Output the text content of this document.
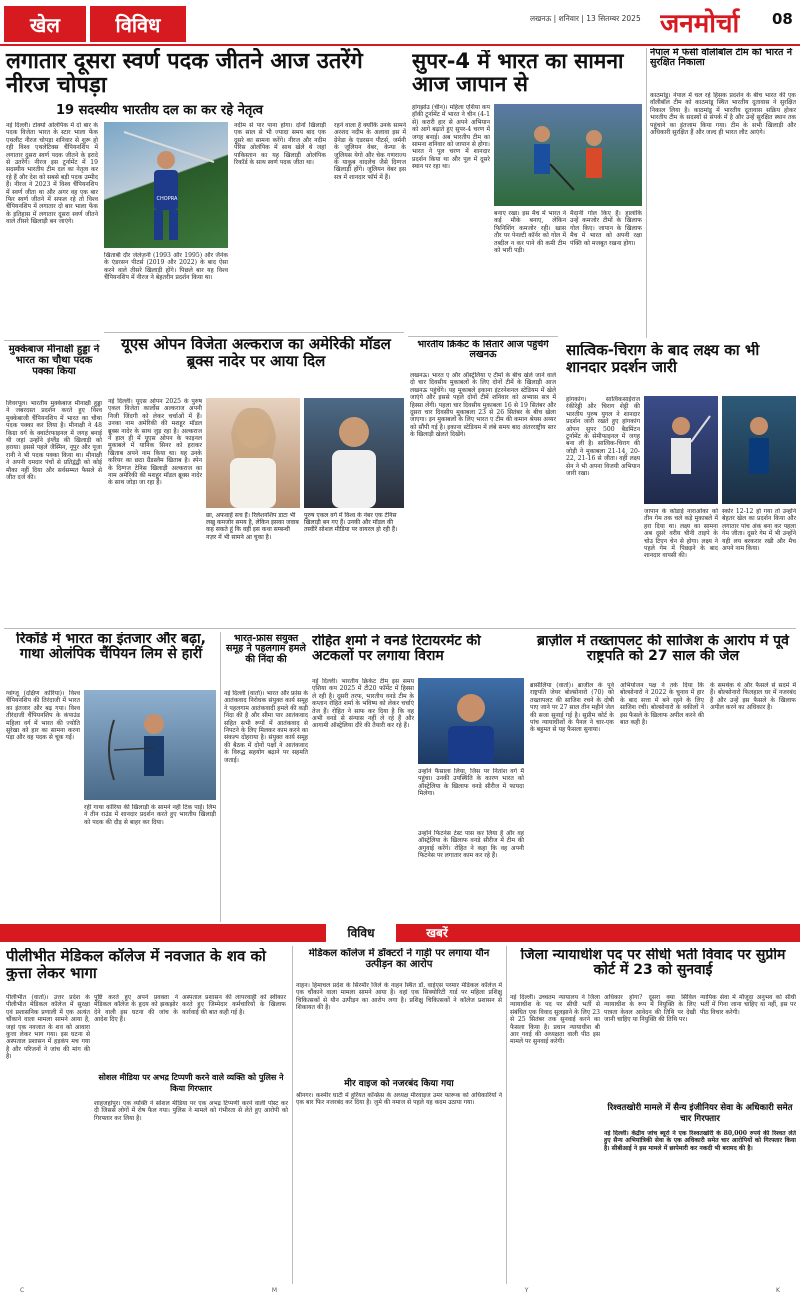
खेल	विविध	लखनऊ | शनिवार | 13 सितम्बर 2025 जनमोर्चा	08
लगातार दूसरा स्वर्ण पदक जीतने आज उतरेंगे नीरज चोपड़ा
19 सदस्यीय भारतीय दल का कर रहे नेतृत्व
नई दिल्ली। टोक्यो ओलंपिक में दो बार के पदक विजेता भारत के स्टार भाला फेंक एथलीट नीरज चोपड़ा शनिवार से शुरू हो रही विश्व एथलेटिक्स चैंपियनशिप में लगातार दूसरा स्वर्ण पदक जीतने के इरादे से उतरेंगे। नीरज इस टूर्नामेंट में 19 सदस्यीय भारतीय टीम दल का नेतृत्व कर रहे हैं और देश को सबसे बड़ी पदक उम्मीद हैं। नीरज ने 2023 में विश्व चैंपियनशिप में स्वर्ण जीता था और अगर वह एक बार फिर स्वर्ण जीतने में सफल रहे तो विश्व चैंपियनशिप में लगातार दो बार भाला फेंक के इतिहास में लगातार दूसरा स्वर्ण जीतने वाले तीसरे खिलाड़ी बन जाएंगे।
CHOPRA
खिताबी दौर जेलेज़नी (1993 और 1995) और जैनेक के एंडरसन पीटर्स (2019 और 2022) के बाद ऐसा करने वाले तीसरे खिलाड़ी होंगे। पिछले बार यह विश्व चैंपियनशिप में नीरज ने बेहतरीन प्रदर्शन किया था।
नदीम से पार पाना होगा। दोनों खिलाड़ी एक साल से भी ज्यादा समय बाद एक दूसरे का सामना करेंगे। नीरज और नदीम पेरिस ओलंपिक में साथ खेले थे जहां पाकिस्तान का यह खिलाड़ी ओलंपिक रिकॉर्ड के साथ स्वर्ण पदक जीता था।
रहने वाला है क्योंकि उनके सामने अरशद नदीम के अलावा इस में ग्रेनेडा के एंडरसन पीटर्स, जर्मनी के जूलियन वेबर, केन्या के जूलियस येगो और चेक गणराज्य के याकूब वादलेच जैसे दिग्गज खिलाड़ी होंगे। जूलियन वेबर इस सत्र में शानदार फॉर्म में हैं।
मुक्केबाज मीनाक्षी हुड्डा ने भारत का चौथा पदक पक्का किया
लिवरपूल। भारतीय मुक्केबाज मीनाक्षी हुड्डा ने जबरदस्त प्रदर्शन करते हुए विश्व मुक्केबाजी चैंपियनशिप में भारत का चौथा पदक पक्का कर लिया है। मीनाक्षी ने 48 किग्रा वर्ग के क्वार्टरफाइनल में जगह बनाई थी जहां उन्होंने इंग्लैंड की खिलाड़ी को हराया। इससे पहले जैस्मिन, नूपुर और पूजा रानी ने भी पदक पक्का किया था। मीनाक्षी ने अपनी दमदार पंचों से प्रतिद्वंद्वी को कोई मौका नहीं दिया और सर्वसम्मत फैसले से जीत दर्ज की।
यूएस ओपन विजेता अल्कराज का अमेरिकी मॉडल ब्रूक्स नादेर पर आया दिल
नई दिल्ली। यूएस ओपन 2025 के पुरुष एकल विजेता कार्लोस अल्कराज अपनी निजी जिंदगी को लेकर चर्चाओं में हैं। उनका नाम अमेरिकी की मशहूर मॉडल ब्रूक्स नादेर के साथ जुड़ रहा है। अल्कराज ने हाल ही में यूएस ओपन के फाइनल मुकाबले में यानिक सिनर को हराकर खिताब अपने नाम किया था। यह उनके करियर का छठा ग्रैंडस्लैम खिताब है। स्पेन के दिग्गज टेनिस खिलाड़ी अल्कराज का नाम अमेरिकी की मशहूर मॉडल ब्रूक्स नादेर के साथ जोड़ा जा रहा है।
छा, अफवाहें सच हैं। रिलेशनशिप डाटा भी लखु कमजोर समय है, लेकिन इसका जवाब कह सकते हूं कि वहीं इस कथा सम्बन्धी नज़र में भी सामने आ चुका है।
पुरुष एकल वर्ग में विश्व के नंबर एक टेनिस खिलाड़ी बन गए हैं। उनकी और मॉडल की तस्वीरें सोशल मीडिया पर वायरल हो रही हैं।
सुपर-4 में भारत का सामना आज जापान से
हांगझोउ (चीन)। महिला एशिया कप हॉकी टूर्नामेंट में भारत ने चीन (4-1 से) करारी हार से अपने अभियान को आगे बढ़ाते हुए सुपर-4 चरण में जगह बनाई। अब भारतीय टीम का सामना शनिवार को जापान से होगा। भारत ने पूल चरण में शानदार प्रदर्शन किया था और पूल में दूसरे स्थान पर रहा था।
बनाए रखा। इस मैच में भारत ने कई मौके बनाए, लेकिन फिनिशिंग कमजोर रही। खास तौर पर पेनल्टी कॉर्नर को गोल में तब्दील न कर पाने की कमी टीम को भारी पड़ी।
मैदानी गोल किए हैं। हालांकि उन्हें कमजोर टीमों के खिलाफ गोल किए। जापान के खिलाफ मैच में भारत को अपनी रक्षा पंक्ति को मजबूत रखना होगा।
नेपाल में फंसी वॉलीबॉल टीम को भारत ने सुरक्षित निकाला
काठमांडू। नेपाल में चल रहे हिंसक प्रदर्शन के बीच भारत की एक वॉलीबॉल टीम को काठमांडू स्थित भारतीय दूतावास ने सुरक्षित निकाल लिया है। काठमांडू में भारतीय दूतावास सक्रिय होकर भारतीय टीम के सदस्यों से संपर्क में है और उन्हें सुरक्षित स्थान तक पहुंचाने का इंतजाम किया गया। टीम के सभी खिलाड़ी और अधिकारी सुरक्षित हैं और जल्द ही भारत लौट आएंगे।
भारतीय क्रिकेट के सितारे आज पहुंचेंगे लखनऊ
लखनऊ। भारत ए और ऑस्ट्रेलिया ए टीमों के बीच खेले जाने वाले दो चार दिवसीय मुकाबलों के लिए दोनों टीमें के खिलाड़ी आज लखनऊ पहुंचेंगे। यह मुकाबले इकाना इंटरनेशनल स्टेडियम में खेले जाएंगे और इससे पहले दोनों टीमें शनिवार को अभ्यास सत्र में हिस्सा लेंगी। पहला चार दिवसीय मुकाबला 16 से 19 सितंबर और दूसरा चार दिवसीय मुकाबला 23 से 26 सितंबर के बीच खेला जाएगा। इन मुकाबलों के लिए भारत ए टीम की कमान श्रेयस अय्यर को सौंपी गई है। इकाना स्टेडियम में लंबे समय बाद अंतरराष्ट्रीय स्तर के खिलाड़ी खेलते दिखेंगे।
सात्विक-चिराग के बाद लक्ष्य का भी शानदार प्रदर्शन जारी
हांगकांग। सात्विकसाईराज रंकीरेड्डी और चिराग शेट्टी की भारतीय पुरुष युगल ने शानदार प्रदर्शन जारी रखते हुए हांगकांग ओपन सुपर 500 बैडमिंटन टूर्नामेंट के सेमीफाइनल में जगह बना ली है। सात्विक-चिराग की जोड़ी ने मुकाबला 21-14, 20-22, 21-16 से जीता। वहीं लक्ष्य सेन ने भी अपना विजयी अभियान जारी रखा।
जापान के कोडाई नाराओका को तीन गेम तक चले कड़े मुकाबले में हरा दिया था। लक्ष्य का सामना अब दूसरे वरीय चीनी ताइपे के चोउ टिएन चेन से होगा। लक्ष्य ने पहले गेम में पिछड़ने के बाद शानदार वापसी की।
स्कोर 12-12 हो गया तो उन्होंने बेहतर खेल का प्रदर्शन किया और लगातार पांच अंक बना कर पहला गेम जीता। दूसरे गेम में भी उन्होंने यही लय बरकरार रखी और मैच अपने नाम किया।
रिकॉर्ड में भारत का इंतजार और बढ़ा, गाथा ओलंपिक चैंपियन लिम से हारीं
ग्वांग्जू (दक्षिण कोरिया)। विश्व चैंपियनशिप की तिरंदाजी में भारत का इंतजार और बढ़ गया। विश्व तीरंदाजी चैंपियनशिप के कंपाउंड महिला वर्ग में भारत की ज्योति सुरेखा को हार का सामना करना पड़ा और वह पदक से चूक गईं।
रही गाथा कोरिया की खिलाड़ी के सामने नहीं टिक पाईं। लिम ने तीन राउंड में शानदार प्रदर्शन करते हुए भारतीय खिलाड़ी को पदक की दौड़ से बाहर कर दिया।
भारत-फ्रांस संयुक्त समूह ने पहलगाम हमले की निंदा की
नई दिल्ली (वार्ता)। भारत और फ्रांस के आतंकवाद निरोधक संयुक्त कार्य समूह ने पहलगाम आतंकवादी हमले की कड़ी निंदा की है और सीमा पार आतंकवाद सहित सभी रूपों में आतंकवाद से निपटने के लिए मिलकर काम करने का संकल्प दोहराया है। संयुक्त कार्य समूह की बैठक में दोनों पक्षों ने आतंकवाद के विरुद्ध सहयोग बढ़ाने पर सहमति जताई।
रोहित शर्मा ने वनडे रिटायरमेंट की अटकलों पर लगाया विराम
नई दिल्ली। भारतीय क्रिकेट टीम इस समय एशिया कप 2025 में टी20 फॉर्मेट में हिस्सा ले रही है। दूसरी तरफ, भारतीय वनडे टीम के कप्तान रोहित शर्मा के भविष्य को लेकर चर्चाएं तेज हैं। रोहित ने साफ कर दिया है कि वह अभी वनडे से संन्यास नहीं ले रहे हैं और आगामी ऑस्ट्रेलिया दौरे की तैयारी कर रहे हैं।
उन्होंने फैंसाला लिया, जिस पर नितांश वर्ग मैं पहुंचा। उनकी उपस्थिति के कारण भारत को ऑस्ट्रेलिया के खिलाफ वनडे सीरीज में फायदा मिलेगा।
उन्होंने फिटनेस टेस्ट पास कर लिया है और वह ऑस्ट्रेलिया के खिलाफ वनडे सीरीज में टीम की अगुवाई करेंगे। रोहित ने कहा कि वह अपनी फिटनेस पर लगातार काम कर रहे हैं।
ब्राज़ील में तख्तापलट की साजिश के आरोप में पूर्व राष्ट्रपति को 27 साल की जेल
ब्रासीलिया (वार्ता)। ब्राजील के पूर्व राष्ट्रपति जेयर बोल्सोनारो (70) को तख्तापलट की साजिश रचने के दोषी पाए जाने पर 27 साल तीन महीने जेल की सजा सुनाई गई है। सुप्रीम कोर्ट के पांच न्यायाधीशों के पैनल ने चार-एक के बहुमत से यह फैसला सुनाया।
अभियोजन पक्ष ने तर्क दिया कि बोल्सोनारो ने 2022 के चुनाव में हार के बाद सत्ता में बने रहने के लिए साजिश रची। बोल्सोनारो के वकीलों ने इस फैसले के खिलाफ अपील करने की बात कही है।
के समर्थक थे और फैसले से सदमे में हैं। बोल्सोनारो फिलहाल घर में नजरबंद हैं और उन्हें इस फैसले के खिलाफ अपील करने का अधिकार है।
विविध	खबरें
पीलीभीत मेडिकल कॉलेज में नवजात के शव को कुत्ता लेकर भागा
पीलीभीत (वार्ता)। उत्तर प्रदेश के पीलीभीत मेडिकल कॉलेज में सुरक्षा एवं प्रशासनिक प्रणाली में एक अत्यंत चौंकाने वाला मामला सामने आया है, जहां एक नवजात के शव को आवारा कुत्ता लेकर भाग गया। इस घटना से अस्पताल प्रशासन में हड़कंप मच गया है और परिजनों ने जांच की मांग की है।
पुष्टि करते हुए अपने प्रवक्ता ने मेडिकल कॉलेज के हृदय को झकझोर देने वाली इस घटना की जांच के आदेश दिए हैं।
अस्पताल प्रशासन की लापरवाही को स्वीकार करते हुए जिम्मेदार कर्मचारियों के खिलाफ कार्रवाई की बात कही गई है।
सोशल मीडिया पर अभद्र टिप्पणी करने वाले व्यक्ति को पुलिस ने किया गिरफ्तार
शाहजहांपुर। एक व्यक्ति ने सोशल मीडिया पर एक अभद्र टिप्पणी करने वाली पोस्ट कर दी जिससे लोगों में रोष फैल गया। पुलिस ने मामले को गंभीरता से लेते हुए आरोपी को गिरफ्तार कर लिया है।
मेडिकल कॉलेज में डॉक्टरों ने गाड़ी पर लगाया यौन उत्पीड़न का आरोप
नाहन। हिमाचल प्रदेश के सिरमौर जिले के नाहन स्थित डॉ. वाईएस परमार मेडिकल कॉलेज में एक चौंकाने वाला मामला सामने आया है। वहां एक सिक्योरिटी गार्ड पर महिला प्रशिक्षु चिकित्सकों से यौन उत्पीड़न का आरोप लगा है। प्रशिक्षु चिकित्सकों ने कॉलेज प्रशासन से शिकायत की है।
मीर वाइज को नजरबंद किया गया
श्रीनगर। कश्मीर घाटी में हुर्रियत कॉन्फ्रेंस के अध्यक्ष मीरवाइज उमर फारूक को अधिकारियों ने एक बार फिर नजरबंद कर दिया है। जुमे की नमाज से पहले यह कदम उठाया गया।
जिला न्यायाधीश पद पर सीधी भर्ती विवाद पर सुप्रीम कोर्ट में 23 को सुनवाई
नई दिल्ली। उच्चतम न्यायालय ने जिला न्यायाधीश के पद पर सीधी भर्ती से संबंधित एक विवाद सुलझाने के लिए 23 से 25 सितंबर तक सुनवाई करने का फैसला किया है। प्रधान न्यायाधीश बी आर गवई की अध्यक्षता वाली पीठ इस मामले पर सुनवाई करेगी।
अधिकार होगा? दूसरा क्या सिविल न्यायाधीश के रूप में नियुक्ति के लिए पात्रता केवल आवेदन की तिथि पर देखी जानी चाहिए या नियुक्ति की तिथि पर।
न्यायिक सेवा में मौजूदा अनुभव को सीधी भर्ती में गिना जाना चाहिए या नहीं, इस पर पीठ विचार करेगी।
रिश्वतखोरी मामले में सैन्य इंजीनियर सेवा के अधिकारी समेत चार गिरफ्तार
नई दिल्ली। केंद्रीय जांच ब्यूरो ने एक रिश्वतखोरी के 80,000 रुपये की रिश्वत लेते हुए सैन्य अभियांत्रिकी सेवा के एक अधिकारी समेत चार आरोपियों को गिरफ्तार किया है। सीबीआई ने इस मामले में छापेमारी कर नकदी भी बरामद की है।
C	M	Y	K
